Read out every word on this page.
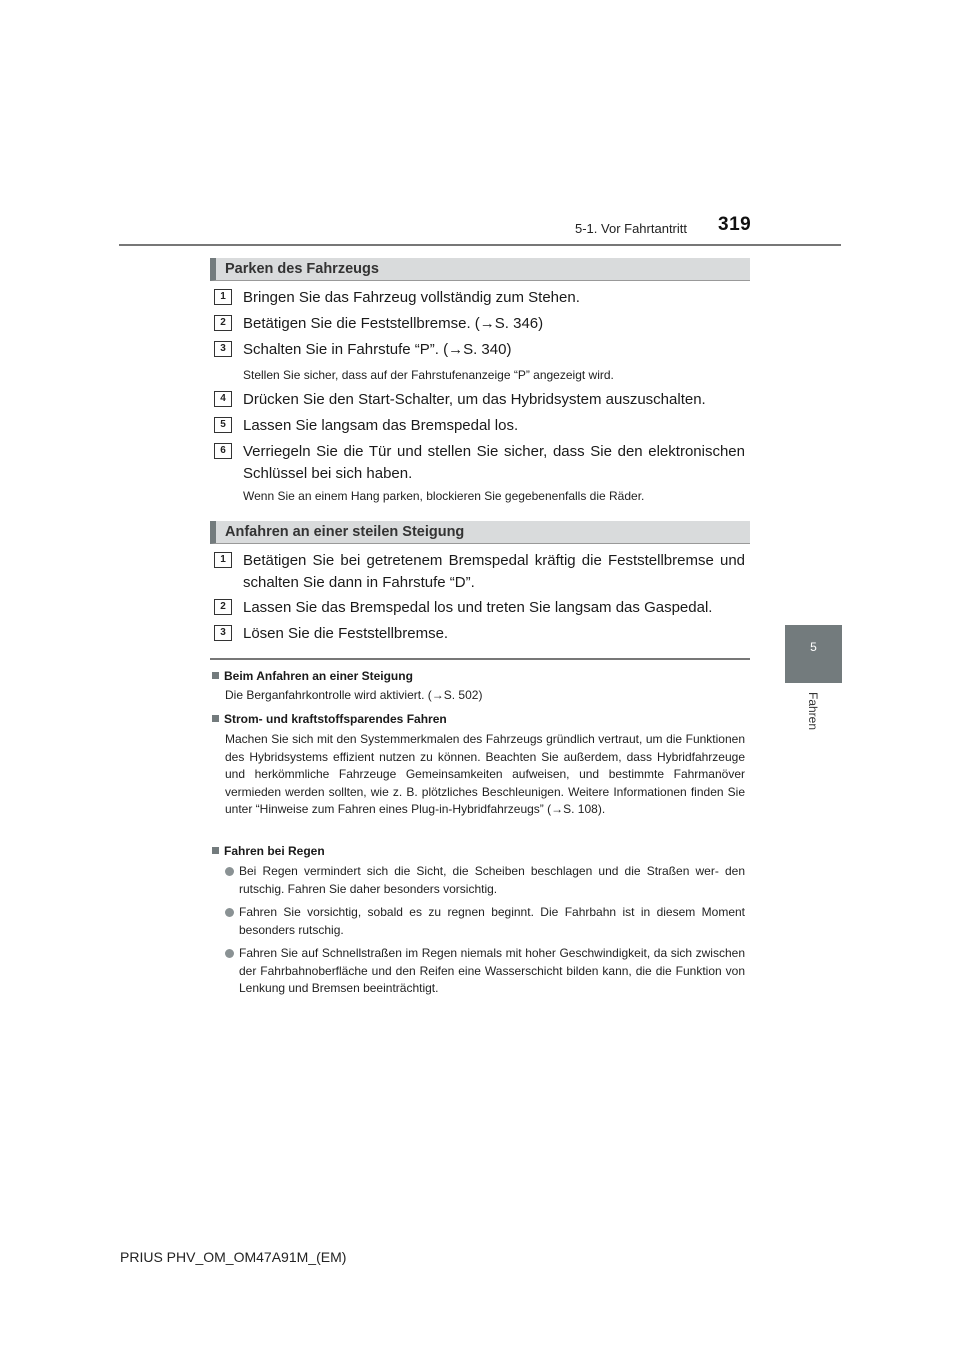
5-1. Vor Fahrtantritt 319
5
Fahren
Parken des Fahrzeugs
1	Bringen Sie das Fahrzeug vollständig zum Stehen.
2	Betätigen Sie die Feststellbremse. (→S. 346)
3	Schalten Sie in Fahrstufe “P”. (→S. 340)
Stellen Sie sicher, dass auf der Fahrstufenanzeige “P” angezeigt wird.
4	Drücken Sie den Start-Schalter, um das Hybridsystem auszuschalten.
5	Lassen Sie langsam das Bremspedal los.
6	Verriegeln Sie die Tür und stellen Sie sicher, dass Sie den elektronischen Schlüssel bei sich haben.
Wenn Sie an einem Hang parken, blockieren Sie gegebenenfalls die Räder.
Anfahren an einer steilen Steigung
1	Betätigen Sie bei getretenem Bremspedal kräftig die Feststellbremse und schalten Sie dann in Fahrstufe “D”.
2	Lassen Sie das Bremspedal los und treten Sie langsam das Gaspedal.
3	Lösen Sie die Feststellbremse.
Beim Anfahren an einer Steigung
Die Berganfahrkontrolle wird aktiviert. (→S. 502)
Strom- und kraftstoffsparendes Fahren
Machen Sie sich mit den Systemmerkmalen des Fahrzeugs gründlich vertraut, um die Funktionen des Hybridsystems effizient nutzen zu können. Beachten Sie außerdem, dass Hybridfahrzeuge und herkömmliche Fahrzeuge Gemeinsamkeiten aufweisen, und bestimmte Fahrmanöver vermieden werden sollten, wie z. B. plötzliches Beschleunigen. Weitere Informationen finden Sie unter “Hinweise zum Fahren eines Plug-in-Hybridfahrzeugs” (→S. 108).
Fahren bei Regen
Bei Regen vermindert sich die Sicht, die Scheiben beschlagen und die Straßen wer- den rutschig. Fahren Sie daher besonders vorsichtig.
Fahren Sie vorsichtig, sobald es zu regnen beginnt. Die Fahrbahn ist in diesem Moment besonders rutschig.
Fahren Sie auf Schnellstraßen im Regen niemals mit hoher Geschwindigkeit, da sich zwischen der Fahrbahnoberfläche und den Reifen eine Wasserschicht bilden kann, die die Funktion von Lenkung und Bremsen beeinträchtigt.
PRIUS PHV_OM_OM47A91M_(EM)
